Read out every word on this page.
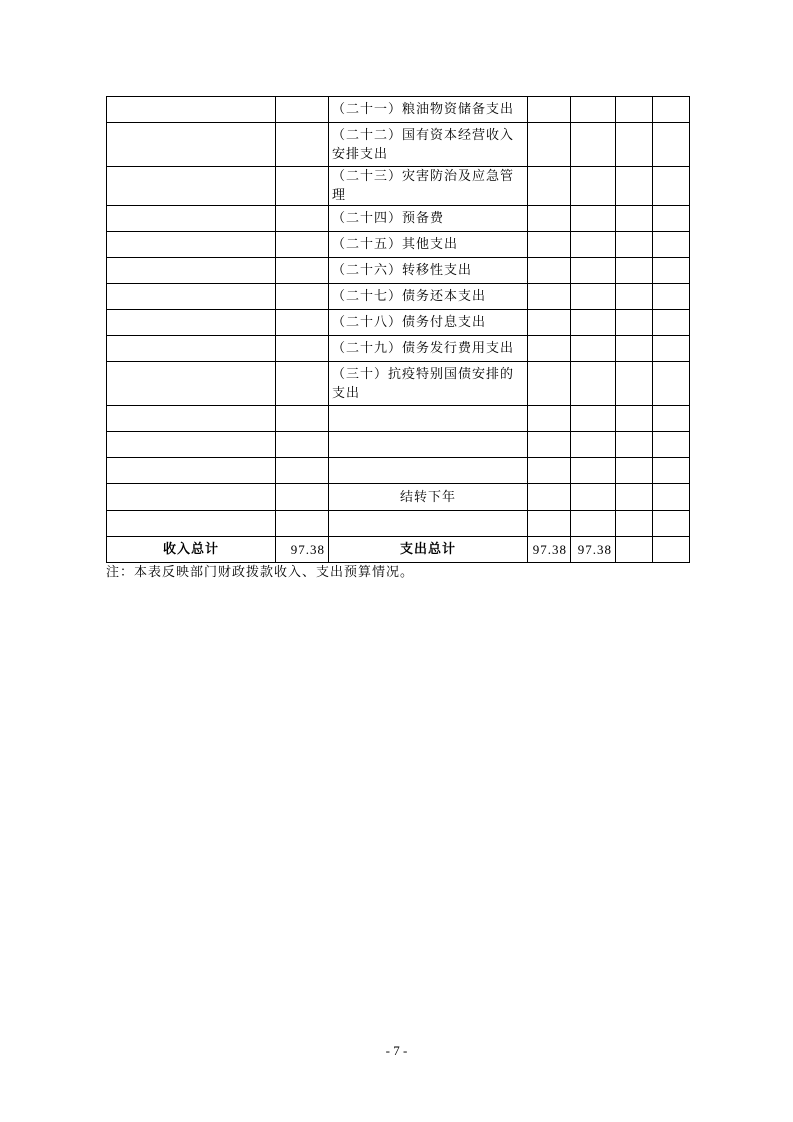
		（二十一）粮油物资储备支出				
		（二十二）国有资本经营收入安排支出				
		（二十三）灾害防治及应急管理				
		（二十四）预备费				
		（二十五）其他支出				
		（二十六）转移性支出				
		（二十七）债务还本支出				
		（二十八）债务付息支出				
		（二十九）债务发行费用支出				
		（三十）抗疫特别国债安排的支出				

		结转下年				

收入总计	97.38	支出总计	97.38	97.38		
注：本表反映部门财政拨款收入、支出预算情况。
- 7 -
